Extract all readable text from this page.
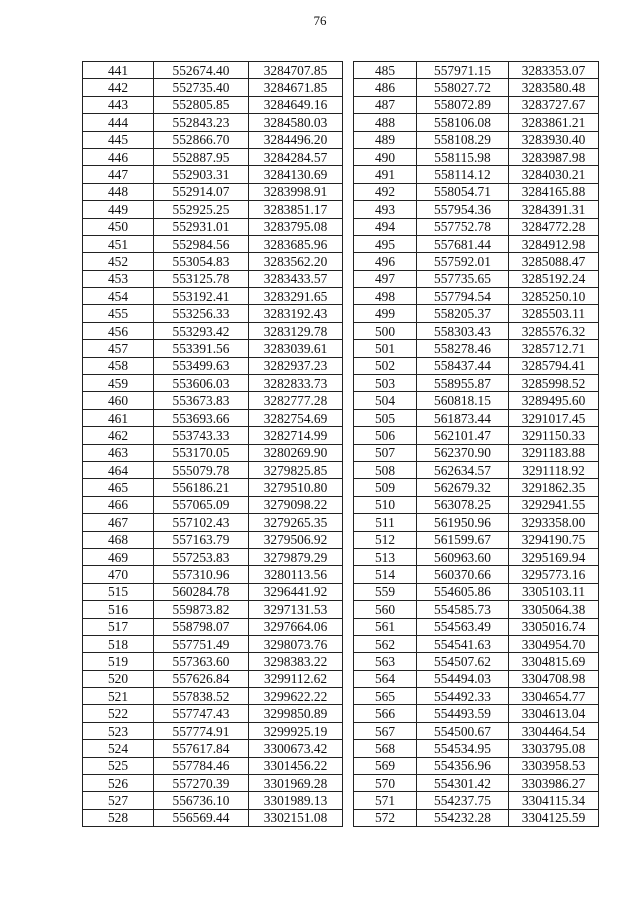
76
441	552674.40	3284707.85
442	552735.40	3284671.85
443	552805.85	3284649.16
444	552843.23	3284580.03
445	552866.70	3284496.20
446	552887.95	3284284.57
447	552903.31	3284130.69
448	552914.07	3283998.91
449	552925.25	3283851.17
450	552931.01	3283795.08
451	552984.56	3283685.96
452	553054.83	3283562.20
453	553125.78	3283433.57
454	553192.41	3283291.65
455	553256.33	3283192.43
456	553293.42	3283129.78
457	553391.56	3283039.61
458	553499.63	3282937.23
459	553606.03	3282833.73
460	553673.83	3282777.28
461	553693.66	3282754.69
462	553743.33	3282714.99
463	553170.05	3280269.90
464	555079.78	3279825.85
465	556186.21	3279510.80
466	557065.09	3279098.22
467	557102.43	3279265.35
468	557163.79	3279506.92
469	557253.83	3279879.29
470	557310.96	3280113.56
515	560284.78	3296441.92
516	559873.82	3297131.53
517	558798.07	3297664.06
518	557751.49	3298073.76
519	557363.60	3298383.22
520	557626.84	3299112.62
521	557838.52	3299622.22
522	557747.43	3299850.89
523	557774.91	3299925.19
524	557617.84	3300673.42
525	557784.46	3301456.22
526	557270.39	3301969.28
527	556736.10	3301989.13
528	556569.44	3302151.08
485	557971.15	3283353.07
486	558027.72	3283580.48
487	558072.89	3283727.67
488	558106.08	3283861.21
489	558108.29	3283930.40
490	558115.98	3283987.98
491	558114.12	3284030.21
492	558054.71	3284165.88
493	557954.36	3284391.31
494	557752.78	3284772.28
495	557681.44	3284912.98
496	557592.01	3285088.47
497	557735.65	3285192.24
498	557794.54	3285250.10
499	558205.37	3285503.11
500	558303.43	3285576.32
501	558278.46	3285712.71
502	558437.44	3285794.41
503	558955.87	3285998.52
504	560818.15	3289495.60
505	561873.44	3291017.45
506	562101.47	3291150.33
507	562370.90	3291183.88
508	562634.57	3291118.92
509	562679.32	3291862.35
510	563078.25	3292941.55
511	561950.96	3293358.00
512	561599.67	3294190.75
513	560963.60	3295169.94
514	560370.66	3295773.16
559	554605.86	3305103.11
560	554585.73	3305064.38
561	554563.49	3305016.74
562	554541.63	3304954.70
563	554507.62	3304815.69
564	554494.03	3304708.98
565	554492.33	3304654.77
566	554493.59	3304613.04
567	554500.67	3304464.54
568	554534.95	3303795.08
569	554356.96	3303958.53
570	554301.42	3303986.27
571	554237.75	3304115.34
572	554232.28	3304125.59
